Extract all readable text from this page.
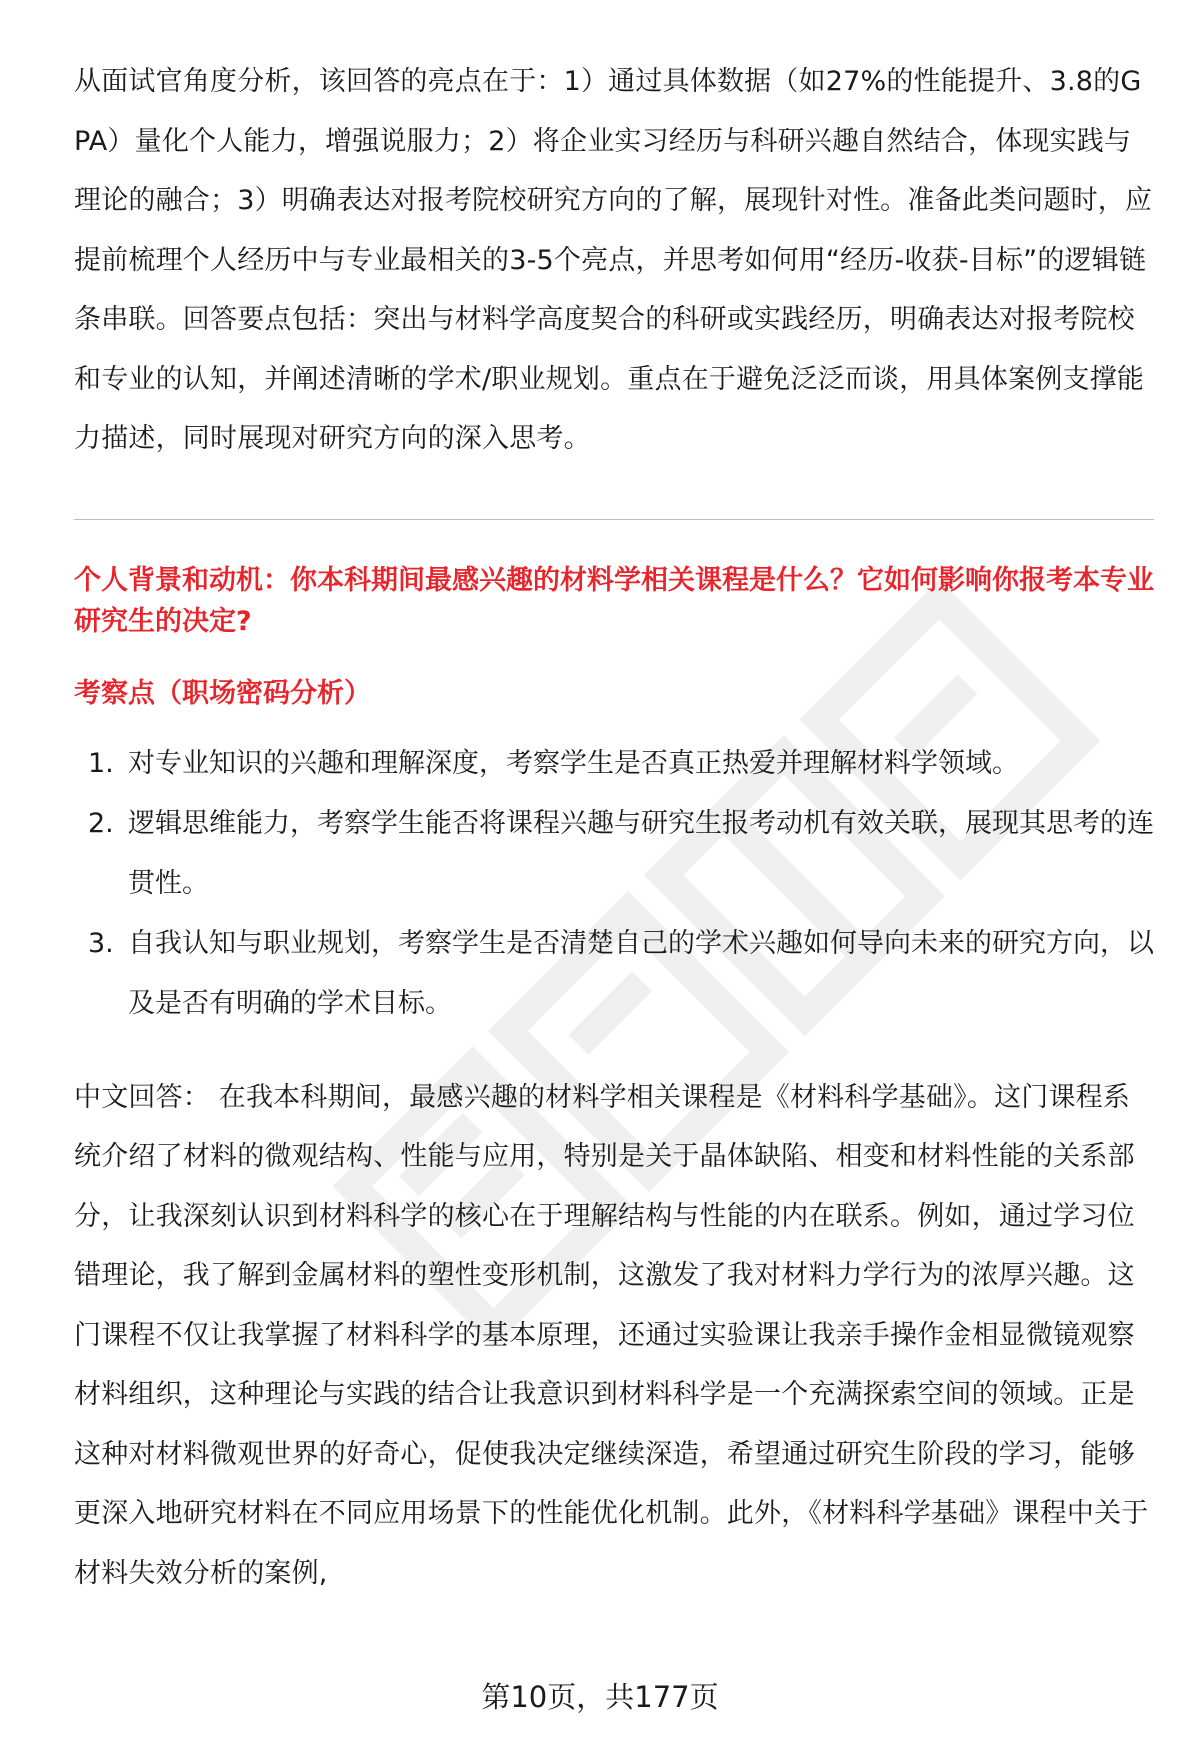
从面试官角度分析，该回答的亮点在于：1）通过具体数据（如27%的性能提升、3.8的GPA）量化个人能力，增强说服力；2）将企业实习经历与科研兴趣自然结合，体现实践与理论的融合；3）明确表达对报考院校研究方向的了解，展现针对性。准备此类问题时，应提前梳理个人经历中与专业最相关的3-5个亮点，并思考如何用“经历-收获-目标”的逻辑链条串联。回答要点包括：突出与材料学高度契合的科研或实践经历，明确表达对报考院校和专业的认知，并阐述清晰的学术/职业规划。重点在于避免泛泛而谈，用具体案例支撑能力描述，同时展现对研究方向的深入思考。

个人背景和动机：你本科期间最感兴趣的材料学相关课程是什么？它如何影响你报考本专业研究生的决定?

考察点（职场密码分析）

1. 对专业知识的兴趣和理解深度，考察学生是否真正热爱并理解材料学领域。
2. 逻辑思维能力，考察学生能否将课程兴趣与研究生报考动机有效关联，展现其思考的连贯性。
3. 自我认知与职业规划，考察学生是否清楚自己的学术兴趣如何导向未来的研究方向，以及是否有明确的学术目标。

中文回答： 在我本科期间，最感兴趣的材料学相关课程是《材料科学基础》。这门课程系统介绍了材料的微观结构、性能与应用，特别是关于晶体缺陷、相变和材料性能的关系部分，让我深刻认识到材料科学的核心在于理解结构与性能的内在联系。例如，通过学习位错理论，我了解到金属材料的塑性变形机制，这激发了我对材料力学行为的浓厚兴趣。这门课程不仅让我掌握了材料科学的基本原理，还通过实验课让我亲手操作金相显微镜观察材料组织，这种理论与实践的结合让我意识到材料科学是一个充满探索空间的领域。正是这种对材料微观世界的好奇心，促使我决定继续深造，希望通过研究生阶段的学习，能够更深入地研究材料在不同应用场景下的性能优化机制。此外，《材料科学基础》课程中关于材料失效分析的案例,

第10页，共177页
